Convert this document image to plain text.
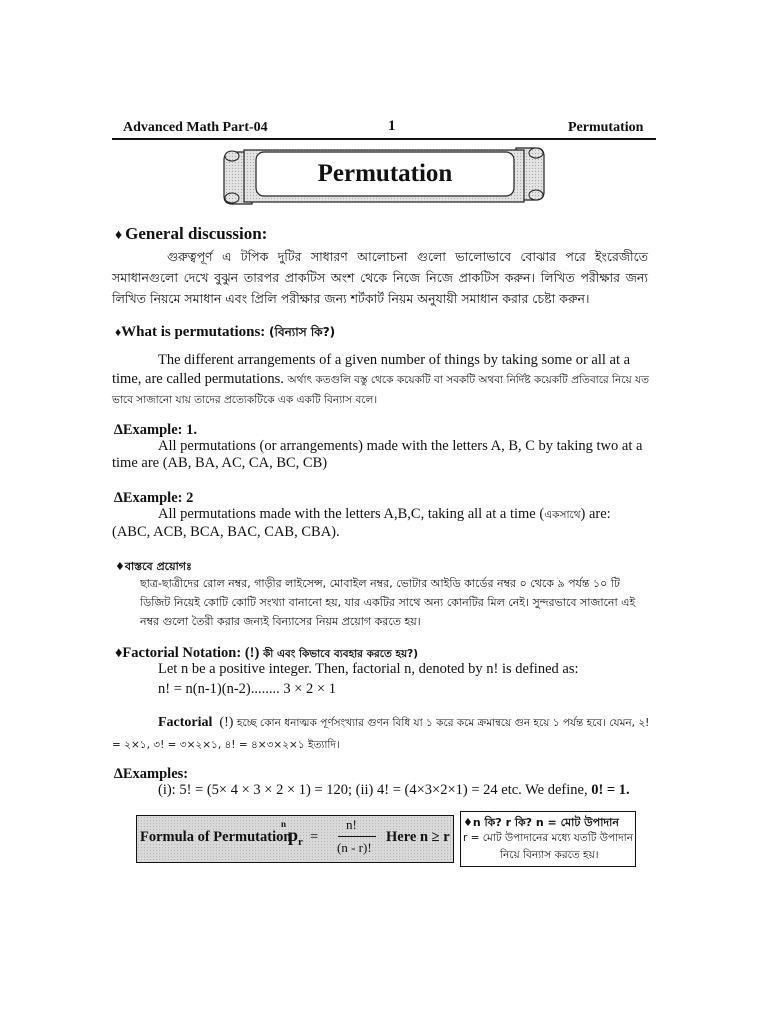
Advanced Math Part-04	1	Permutation
Permutation
♦ General discussion:
গুরুত্বপূর্ণ এ টপিক দুটির সাধারণ আলোচনা গুলো ভালোভাবে বোঝার পরে ইংরেজীতে সমাধানগুলো দেখে বুঝুন তারপর প্রাকটিস অংশ থেকে নিজে নিজে প্রাকটিস করুন। লিখিত পরীক্ষার জন্য লিখিত নিয়মে সমাধান এবং প্রিলি পরীক্ষার জন্য শর্টকার্ট নিয়ম অনুযায়ী সমাধান করার চেষ্টা করুন।
♦What is permutations: (বিন্যাস কি?)
The different arrangements of a given number of things by taking some or all at a time, are called permutations. অর্থাৎ কতগুলি বস্তু থেকে কয়েকটি বা সবকটি অথবা নির্দিষ্ট কয়েকটি প্রতিবারে নিয়ে যত ভাবে সাজানো যায় তাদের প্রত্যেকটিকে এক একটি বিন্যাস বলে।
∆Example: 1.
All permutations (or arrangements) made with the letters A, B, C by taking two at a time are (AB, BA, AC, CA, BC, CB)
∆Example: 2
All permutations made with the letters A,B,C, taking all at a time (একসাথে) are:
(ABC, ACB, BCA, BAC, CAB, CBA).
♦বাস্তবে প্রয়োগঃ
ছাত্র-ছাত্রীদের রোল নম্বর, গাড়ীর লাইসেন্স, মোবাইল নম্বর, ভোটার আইডি কার্ডের নম্বর ০ থেকে ৯ পর্যন্ত ১০ টি ডিজিট নিয়েই কোটি কোটি সংখ্যা বানানো হয়, যার একটির সাথে অন্য কোনটির মিল নেই। সুন্দরভাবে সাজানো এই নম্বর গুলো তৈরী করার জন্যই বিন্যাসের নিয়ম প্রয়োগ করতে হয়।
♦Factorial Notation: (!) কী এবং কিভাবে ব্যবহার করতে হয়?)
Let n be a positive integer. Then, factorial n, denoted by n! is defined as:
n! = n(n-1)(n-2)........ 3 × 2 × 1
Factorial (!) হচ্ছে কোন ধনাত্মক পূর্ণসংখ্যার গুণন বিধি যা ১ করে কমে ক্রমান্বয়ে গুন হয়ে ১ পর্যন্ত হবে। যেমন, ২! = ২×১, ৩! = ৩×২×১, ৪! = ৪×৩×২×১ ইত্যাদি।
∆Examples:
(i): 5! = (5× 4 × 3 × 2 × 1) = 120; (ii) 4! = (4×3×2×1) = 24 etc. We define, 0! = 1.
Formula of Permutation
n
p r =
n!
(n - r)!
Here n ≥ r
♦n কি? r কি? n = মোট উপাদান
r = মোট উপাদানের মধ্যে যতটি উপাদান
নিয়ে বিন্যাস করতে হয়।
